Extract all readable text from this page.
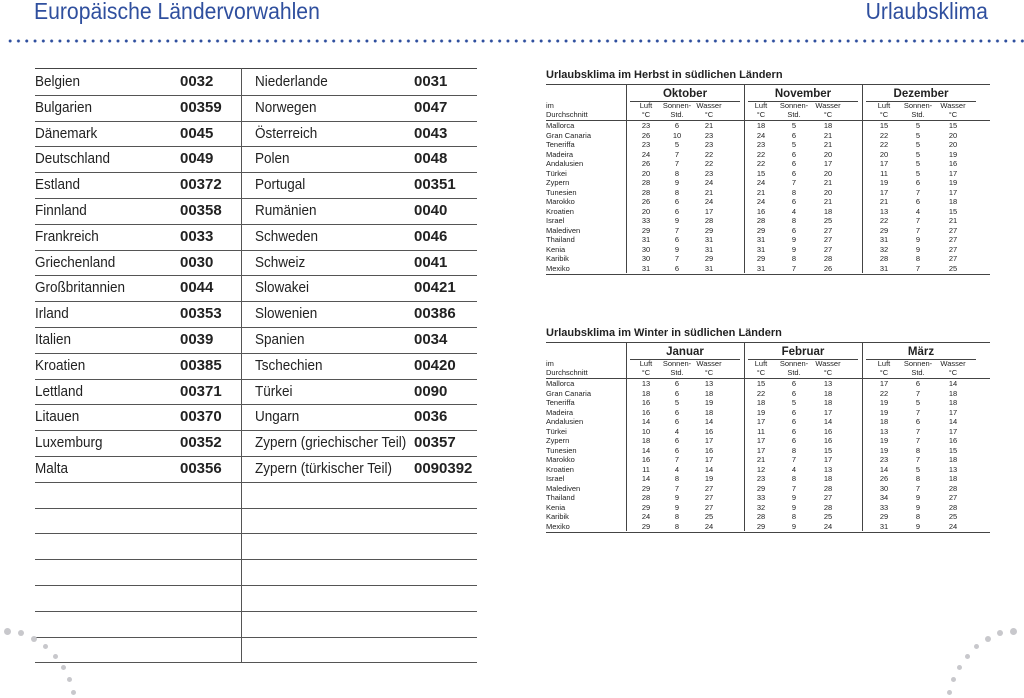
Europäische Ländervorwahlen	Urlaubsklima
Belgien	0032	Niederlande	0031
Bulgarien	00359 Norwegen	0047
Dänemark	0045	Österreich	0043
Deutschland	0049	Polen	0048
Estland	00372 Portugal	00351
Finnland	00358 Rumänien	0040
Frankreich	0033	Schweden	0046
Griechenland	0030	Schweiz	0041
Großbritannien	0044	Slowakei	00421
Irland	00353 Slowenien	00386
Italien	0039	Spanien	0034
Kroatien	00385 Tschechien	00420
Lettland	00371 Türkei	0090
Litauen	00370 Ungarn	0036
Luxemburg	00352 Zypern (griechischer Teil) 00357
Malta	00356 Zypern (türkischer Teil) 0090392
Urlaubsklima im Herbst in südlichen Ländern
Oktober
Luft
°C
Sonnen-
Std.
Wasser
°C
November
Luft
°C
Sonnen-
Std.
Wasser
°C
Dezember
Luft
°C
Sonnen-
Std.
Wasser
°C
im
Durchschnitt
Mallorca	23	6	21	18	5	18	15	5	15
Gran Canaria	26	10	23	24	6	21	22	5	20
Teneriffa	23	5	23	23	5	21	22	5	20
Madeira	24	7	22	22	6	20	20	5	19
Andalusien	26	7	22	22	6	17	17	5	16
Türkei	20	8	23	15	6	20	11	5	17
Zypern	28	9	24	24	7	21	19	6	19
Tunesien	28	8	21	21	8	20	17	7	17
Marokko	26	6	24	24	6	21	21	6	18
Kroatien	20	6	17	16	4	18	13	4	15
Israel	33	9	28	28	8	25	22	7	21
Malediven	29	7	29	29	6	27	29	7	27
Thailand	31	6	31	31	9	27	31	9	27
Kenia	30	9	31	31	9	27	32	9	27
Karibik	30	7	29	29	8	28	28	8	27
Mexiko	31	6	31	31	7	26	31	7	25
Urlaubsklima im Winter in südlichen Ländern
Januar
Luft
°C
Sonnen-
Std.
Wasser
°C
Februar
Luft
°C
Sonnen-
Std.
Wasser
°C
März
Luft
°C
Sonnen-
Std.
Wasser
°C
im
Durchschnitt
Mallorca	13	6	13	15	6	13	17	6	14
Gran Canaria	18	6	18	22	6	18	22	7	18
Teneriffa	16	5	19	18	5	18	19	5	18
Madeira	16	6	18	19	6	17	19	7	17
Andalusien	14	6	14	17	6	14	18	6	14
Türkei	10	4	16	11	6	16	13	7	17
Zypern	18	6	17	17	6	16	19	7	16
Tunesien	14	6	16	17	8	15	19	8	15
Marokko	16	7	17	21	7	17	23	7	18
Kroatien	11	4	14	12	4	13	14	5	13
Israel	14	8	19	23	8	18	26	8	18
Malediven	29	7	27	29	7	28	30	7	28
Thailand	28	9	27	33	9	27	34	9	27
Kenia	29	9	27	32	9	28	33	9	28
Karibik	24	8	25	28	8	25	29	8	25
Mexiko	29	8	24	29	9	24	31	9	24
